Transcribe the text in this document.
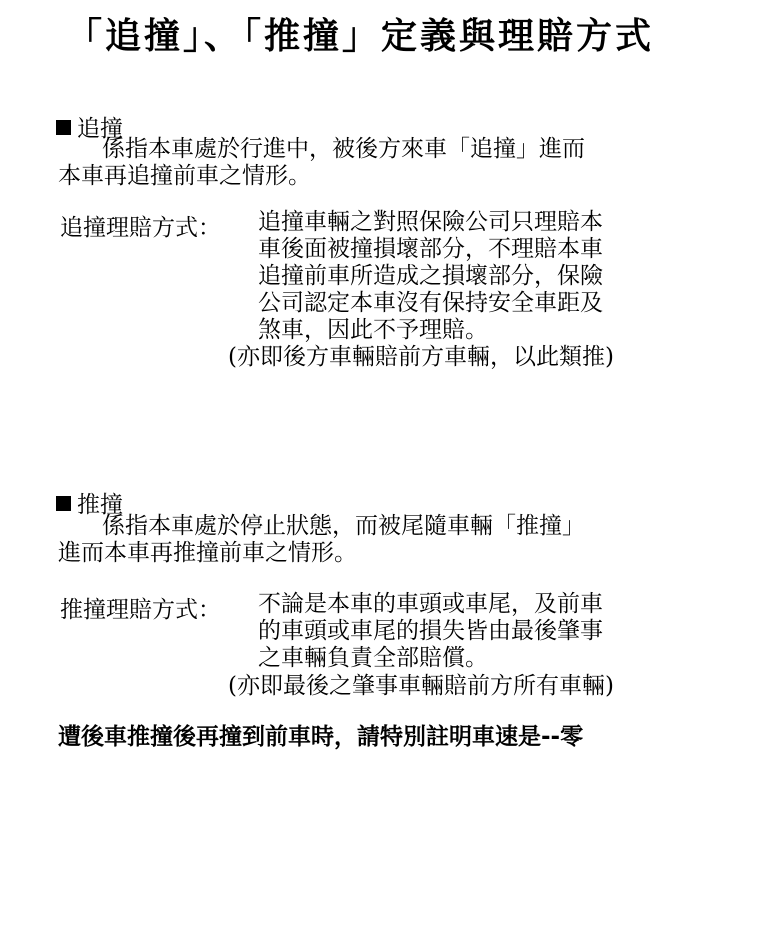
「追撞」、「推撞」定義與理賠方式
追撞
係指本車處於行進中，被後方來車「追撞」進而
本車再追撞前車之情形。
追撞理賠方式： 追撞車輛之對照保險公司只理賠本
車後面被撞損壞部分，不理賠本車
追撞前車所造成之損壞部分，保險
公司認定本車沒有保持安全車距及
煞車，因此不予理賠。
(亦即後方車輛賠前方車輛，以此類推)
推撞
係指本車處於停止狀態，而被尾隨車輛「推撞」
進而本車再推撞前車之情形。
推撞理賠方式： 不論是本車的車頭或車尾，及前車
的車頭或車尾的損失皆由最後肇事
之車輛負責全部賠償。
(亦即最後之肇事車輛賠前方所有車輛)
遭後車推撞後再撞到前車時，請特別註明車速是--零
